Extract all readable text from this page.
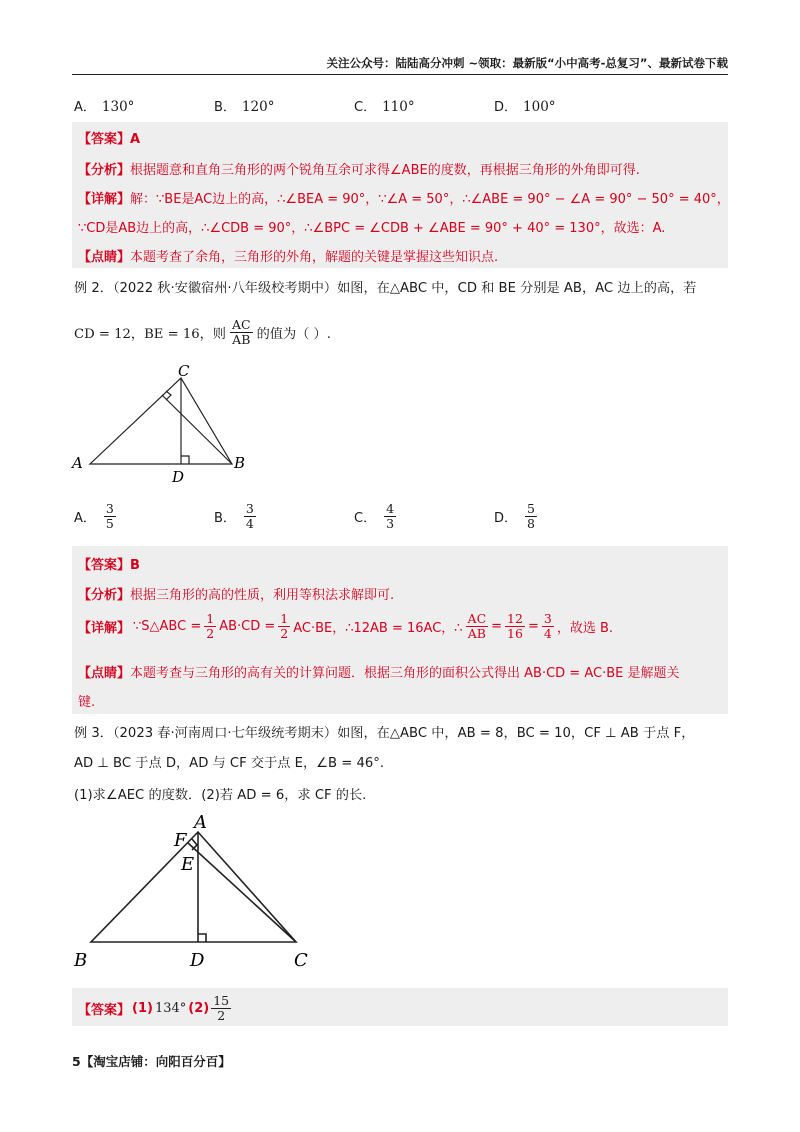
关注公众号：陆陆高分冲刺 ~领取：最新版“小中高考-总复习”、最新试卷下载
A． 130°	B． 120°	C． 110°	D． 100°
【答案】A
【分析】根据题意和直角三角形的两个锐角互余可求得∠ABE的度数，再根据三角形的外角即可得.
【详解】解：∵BE是AC边上的高，∴∠BEA = 90°，∵∠A = 50°，∴∠ABE = 90° − ∠A = 90° − 50° = 40°，
∵CD是AB边上的高，∴∠CDB = 90°，∴∠BPC = ∠CDB + ∠ABE = 90° + 40° = 130°，故选：A.
【点睛】本题考查了余角，三角形的外角，解题的关键是掌握这些知识点.
例 2．（2022 秋·安徽宿州·八年级校考期中）如图，在△ABC 中，CD 和 BE 分别是 AB，AC 边上的高，若
CD = 12，BE = 16，则 $\frac{AC}{AB}$ 的值为（ ）.
A	B
C
D
A． $\frac{3}{5}$	B． $\frac{3}{4}$	C． $\frac{4}{3}$	D． $\frac{5}{8}$
【答案】B
【分析】根据三角形的高的性质，利用等积法求解即可.
【详解】 ∵S△ABC = $\frac{1}{2} AB\cdot CD = \frac{1}{2} AC\cdot BE$，∴12AB = 16AC，∴ $\frac{AC}{AB} = \frac{12}{16} = \frac{3}{4}$ ，故选 B.
【点睛】本题考查与三角形的高有关的计算问题．根据三角形的面积公式得出 AB·CD = AC·BE 是解题关
键.
例 3．（2023 春·河南周口·七年级统考期末）如图，在△ABC 中，AB = 8，BC = 10，CF ⊥ AB 于点 F，
AD ⊥ BC 于点 D，AD 与 CF 交于点 E，∠B = 46°.
(1)求∠AEC 的度数．(2)若 AD = 6，求 CF 的长.
A
F
E
B	D	C
【答案】 (1) 134° $(2) \frac{15}{2}$
5【淘宝店铺：向阳百分百】
